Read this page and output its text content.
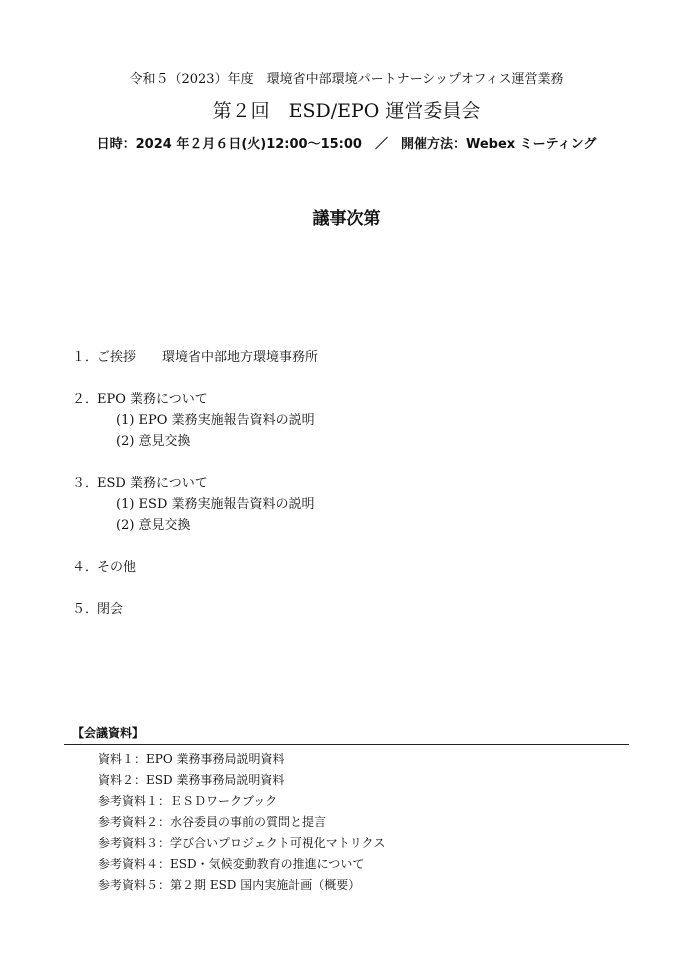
令和５（2023）年度　環境省中部環境パートナーシップオフィス運営業務
第２回　ESD/EPO 運営委員会
日時：2024 年２月６日(火)12:00～15:00　／　開催方法：Webex ミーティング
議事次第
１．ご挨拶　　環境省中部地方環境事務所
２．EPO 業務について
(1) EPO 業務実施報告資料の説明
(2) 意見交換
３．ESD 業務について
(1) ESD 業務実施報告資料の説明
(2) 意見交換
４．その他
５．閉会
【会議資料】
資料１：EPO 業務事務局説明資料
資料２：ESD 業務事務局説明資料
参考資料１：ＥＳＤワークブック
参考資料２：水谷委員の事前の質問と提言
参考資料３：学び合いプロジェクト可視化マトリクス
参考資料４：ESD・気候変動教育の推進について
参考資料５：第２期 ESD 国内実施計画（概要）
